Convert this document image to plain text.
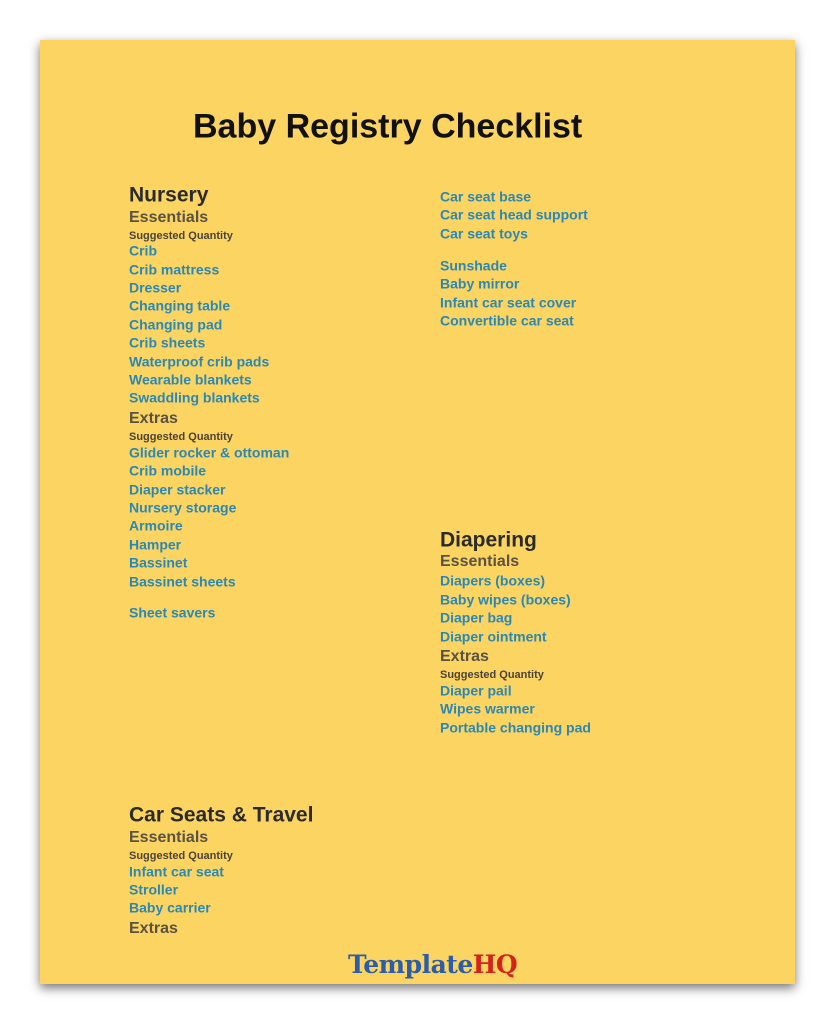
Baby Registry Checklist
Nursery
Essentials
Suggested Quantity
Crib
Crib mattress
Dresser
Changing table
Changing pad
Crib sheets
Waterproof crib pads
Wearable blankets
Swaddling blankets
Extras
Suggested Quantity
Glider rocker & ottoman
Crib mobile
Diaper stacker
Nursery storage
Armoire
Hamper
Bassinet
Bassinet sheets
Sheet savers
Car Seats & Travel
Essentials
Suggested Quantity
Infant car seat
Stroller
Baby carrier
Extras
Car seat base
Car seat head support
Car seat toys
Sunshade
Baby mirror
Infant car seat cover
Convertible car seat
Diapering
Essentials
Diapers (boxes)
Baby wipes (boxes)
Diaper bag
Diaper ointment
Extras
Suggested Quantity
Diaper pail
Wipes warmer
Portable changing pad
TemplateHQ
